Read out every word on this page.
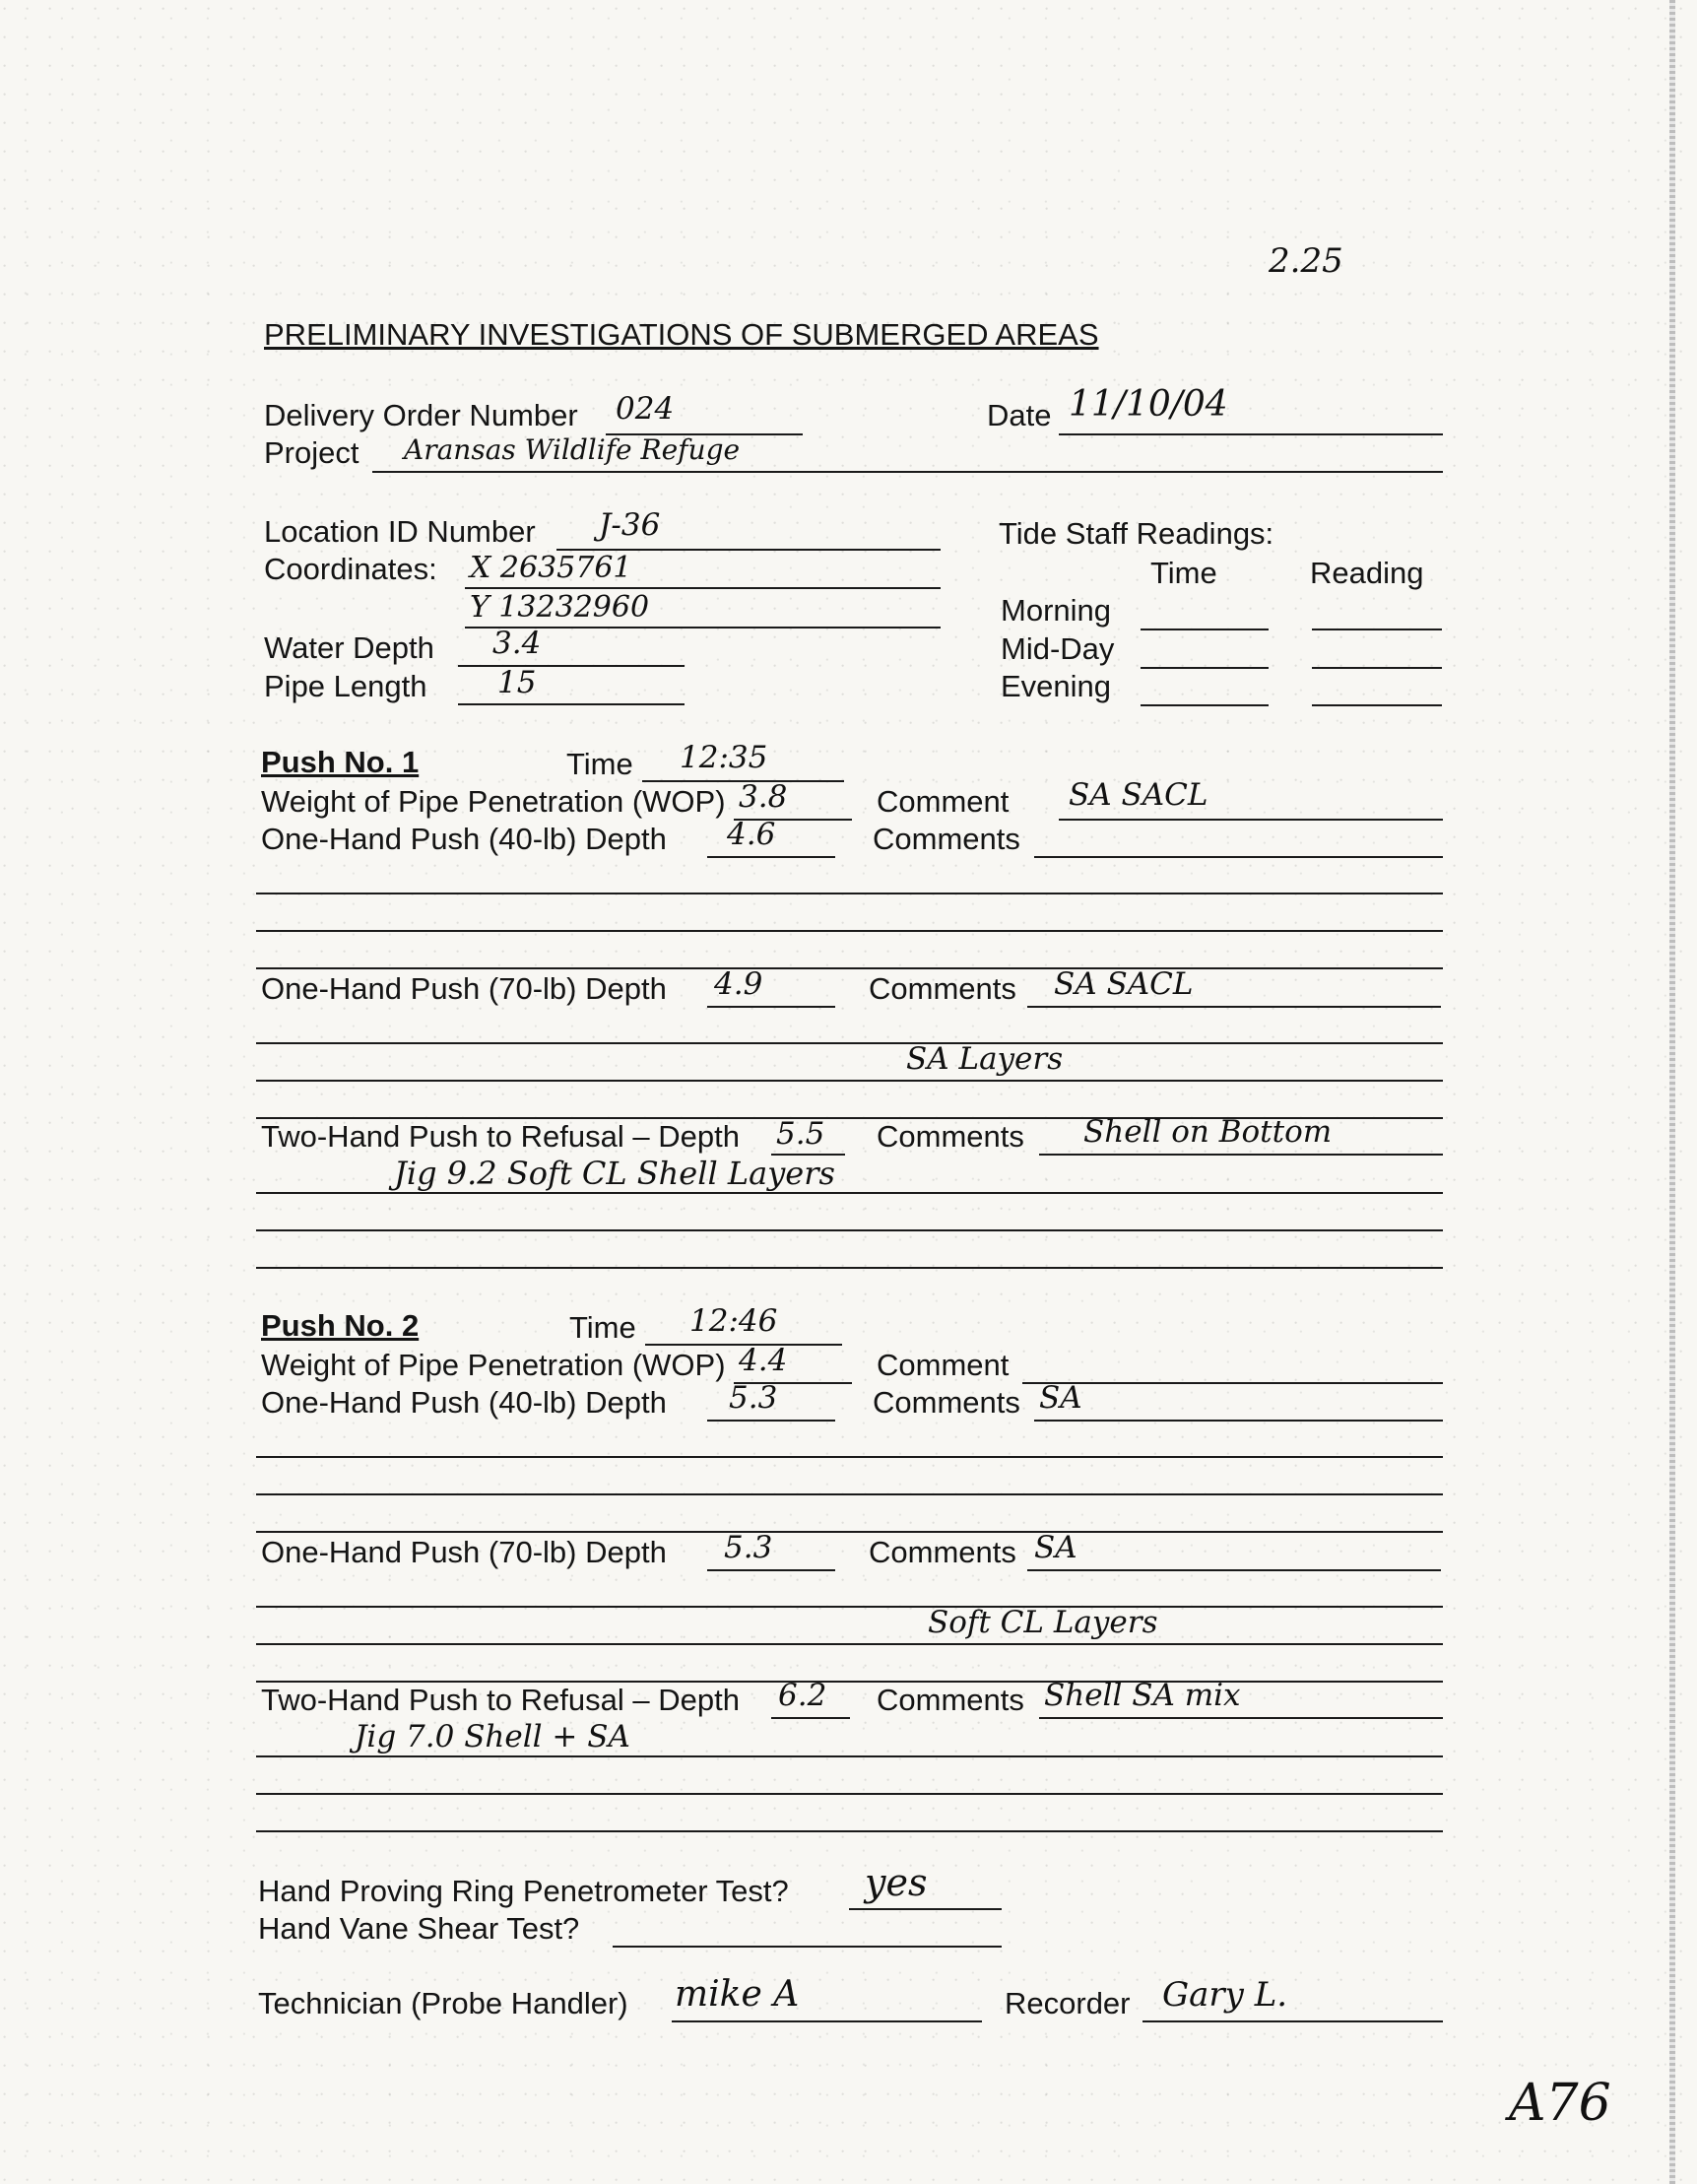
2.25
PRELIMINARY INVESTIGATIONS OF SUBMERGED AREAS
Delivery Order Number 024	Date 11/10/04
Project Aransas Wildlife Refuge
Location ID Number J-36
Coordinates: X 2635761
Y 13232960
Water Depth 3.4
Pipe Length 15
Tide Staff Readings:
Time	Reading
Morning
Mid-Day
Evening
Push No. 1	Time 12:35
Weight of Pipe Penetration (WOP) 3.8	Comment SA SACL
One-Hand Push (40-lb) Depth 4.6	Comments
One-Hand Push (70-lb) Depth 4.9	Comments SA SACL
SA Layers
Two-Hand Push to Refusal – Depth 5.5 Comments Shell on Bottom
Jig 9.2 Soft CL Shell Layers
Push No. 2	Time 12:46
Weight of Pipe Penetration (WOP) 4.4	Comment
One-Hand Push (40-lb) Depth 5.3	Comments SA
One-Hand Push (70-lb) Depth 5.3	Comments SA
Soft CL Layers
Two-Hand Push to Refusal – Depth 6.2 Comments Shell SA mix
Jig 7.0 Shell + SA
Hand Proving Ring Penetrometer Test? yes
Hand Vane Shear Test?
Technician (Probe Handler) mike A	Recorder Gary L.
A76
